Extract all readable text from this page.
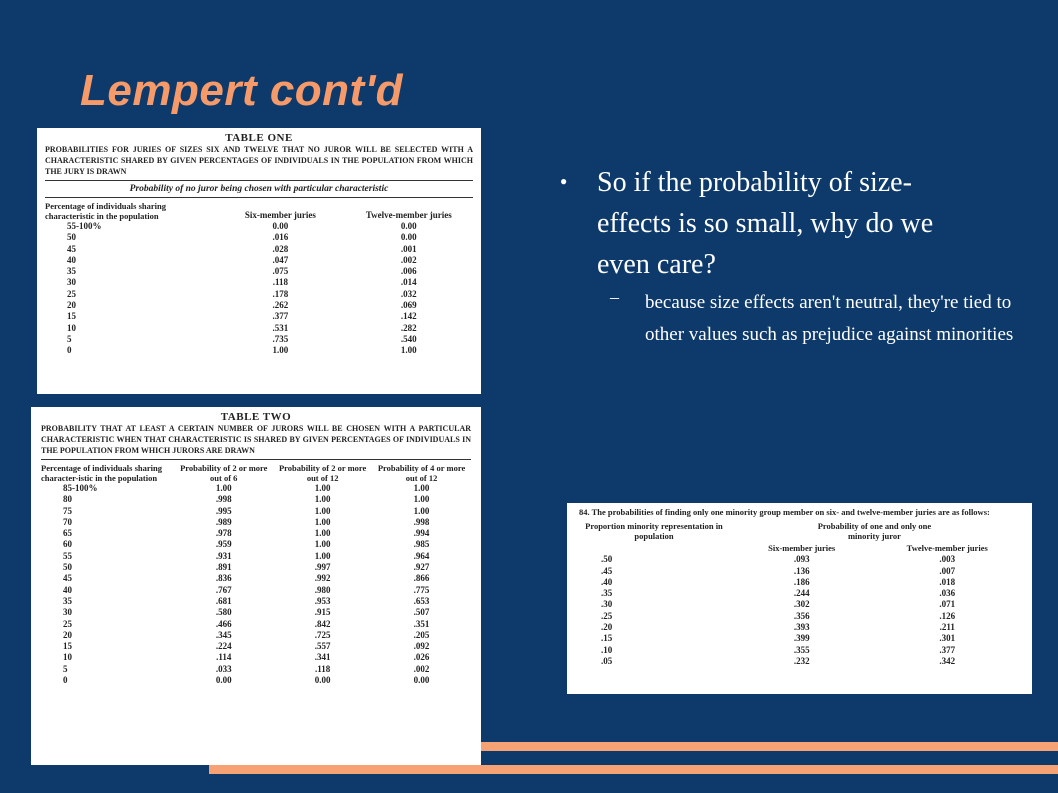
Lempert cont'd
TABLE ONE
PROBABILITIES FOR JURIES OF SIZES SIX AND TWELVE THAT NO JUROR WILL BE SELECTED WITH A CHARACTERISTIC SHARED BY GIVEN PERCENTAGES OF INDIVIDUALS IN THE POPULATION FROM WHICH THE JURY IS DRAWN
Probability of no juror being chosen with particular characteristic
Percentage of individuals sharing characteristic in the population	Six-member juries	Twelve-member juries
55-100%	0.00	0.00
50	.016	0.00
45	.028	.001
40	.047	.002
35	.075	.006
30	.118	.014
25	.178	.032
20	.262	.069
15	.377	.142
10	.531	.282
5	.735	.540
0	1.00	1.00
TABLE TWO
PROBABILITY THAT AT LEAST A CERTAIN NUMBER OF JURORS WILL BE CHOSEN WITH A PARTICULAR CHARACTERISTIC WHEN THAT CHARACTERISTIC IS SHARED BY GIVEN PERCENTAGES OF INDIVIDUALS IN THE POPULATION FROM WHICH JURORS ARE DRAWN
Percentage of individuals sharing character-istic in the population	Probability of 2 or more out of 6	Probability of 2 or more out of 12	Probability of 4 or more out of 12
85-100%	1.00	1.00	1.00
80	.998	1.00	1.00
75	.995	1.00	1.00
70	.989	1.00	.998
65	.978	1.00	.994
60	.959	1.00	.985
55	.931	1.00	.964
50	.891	.997	.927
45	.836	.992	.866
40	.767	.980	.775
35	.681	.953	.653
30	.580	.915	.507
25	.466	.842	.351
20	.345	.725	.205
15	.224	.557	.092
10	.114	.341	.026
5	.033	.118	.002
0	0.00	0.00	0.00
●	So if the probability of size-effects is so small, why do we even care?
–	because size effects aren't neutral, they're tied to other values such as prejudice against minorities
84. The probabilities of finding only one minority group member on six- and twelve-member juries are as follows:
Proportion minority representation in population
Probability of one and only one minority juror
	Six-member juries	Twelve-member juries
.50	.093	.003
.45	.136	.007
.40	.186	.018
.35	.244	.036
.30	.302	.071
.25	.356	.126
.20	.393	.211
.15	.399	.301
.10	.355	.377
.05	.232	.342
